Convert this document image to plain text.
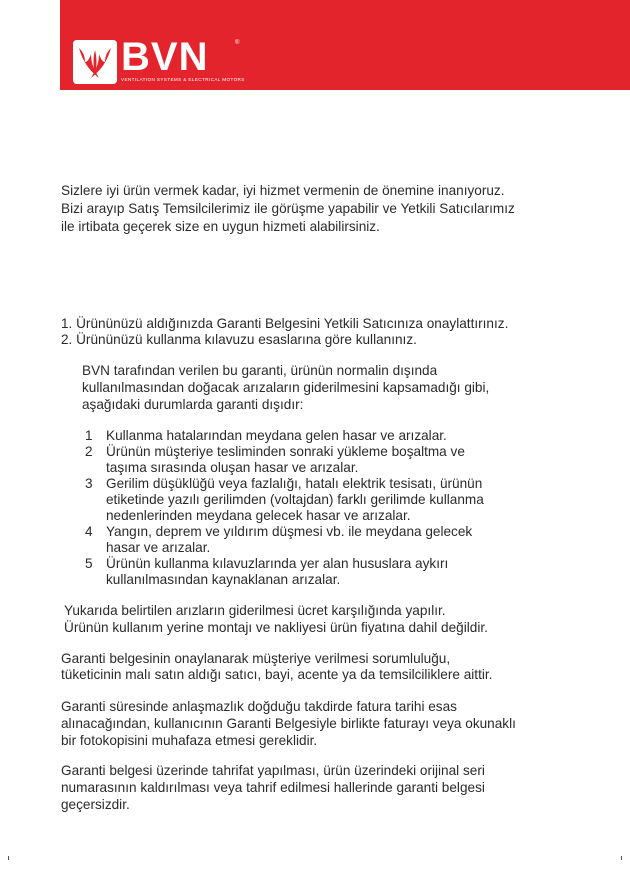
BVN	®
VENTILATION SYSTEMS & ELECTRICAL MOTORS
Sizlere iyi ürün vermek kadar, iyi hizmet vermenin de önemine inanıyoruz.
Bizi arayıp Satış Temsilcilerimiz ile görüşme yapabilir ve Yetkili Satıcılarımız
ile irtibata geçerek size en uygun hizmeti alabilirsiniz.
1. Ürününüzü aldığınızda Garanti Belgesini Yetkili Satıcınıza onaylattırınız.
2. Ürününüzü kullanma kılavuzu esaslarına göre kullanınız.
BVN tarafından verilen bu garanti, ürünün normalin dışında
kullanılmasından doğacak arızaların giderilmesini kapsamadığı gibi,
aşağıdaki durumlarda garanti dışıdır:
1 Kullanma hatalarından meydana gelen hasar ve arızalar.
2 Ürünün müşteriye tesliminden sonraki yükleme boşaltma ve
taşıma sırasında oluşan hasar ve arızalar.
3 Gerilim düşüklüğü veya fazlalığı, hatalı elektrik tesisatı, ürünün
etiketinde yazılı gerilimden (voltajdan) farklı gerilimde kullanma
nedenlerinden meydana gelecek hasar ve arızalar.
4 Yangın, deprem ve yıldırım düşmesi vb. ile meydana gelecek
hasar ve arızalar.
5 Ürünün kullanma kılavuzlarında yer alan hususlara aykırı
kullanılmasından kaynaklanan arızalar.
Yukarıda belirtilen arızların giderilmesi ücret karşılığında yapılır.
Ürünün kullanım yerine montajı ve nakliyesi ürün fiyatına dahil değildir.
Garanti belgesinin onaylanarak müşteriye verilmesi sorumluluğu,
tüketicinin malı satın aldığı satıcı, bayi, acente ya da temsilciliklere aittir.
Garanti süresinde anlaşmazlık doğduğu takdirde fatura tarihi esas
alınacağından, kullanıcının Garanti Belgesiyle birlikte faturayı veya okunaklı
bir fotokopisini muhafaza etmesi gereklidir.
Garanti belgesi üzerinde tahrifat yapılması, ürün üzerindeki orijinal seri
numarasının kaldırılması veya tahrif edilmesi hallerinde garanti belgesi
geçersizdir.
